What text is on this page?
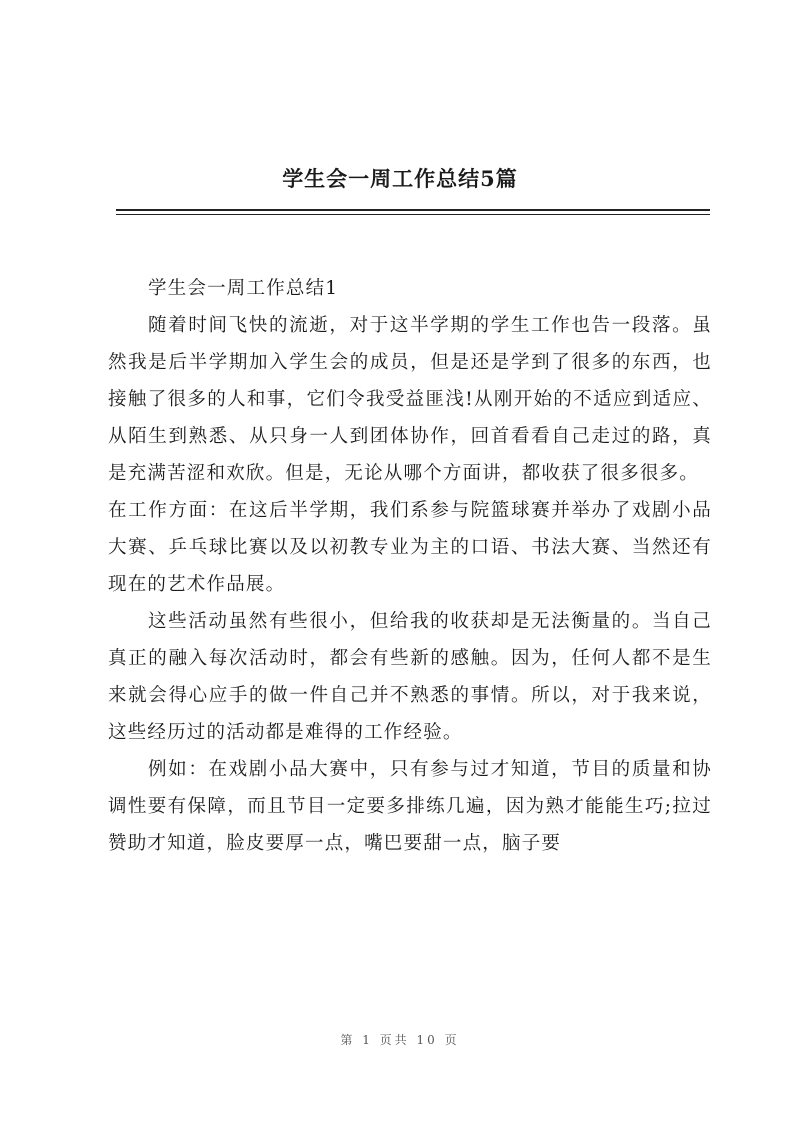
学生会一周工作总结5篇

学生会一周工作总结1

随着时间飞快的流逝，对于这半学期的学生工作也告一段落。虽然我是后半学期加入学生会的成员，但是还是学到了很多的东西，也接触了很多的人和事，它们令我受益匪浅!从刚开始的不适应到适应、从陌生到熟悉、从只身一人到团体协作，回首看看自己走过的路，真是充满苦涩和欢欣。但是，无论从哪个方面讲，都收获了很多很多。

在工作方面：在这后半学期，我们系参与院篮球赛并举办了戏剧小品大赛、乒乓球比赛以及以初教专业为主的口语、书法大赛、当然还有现在的艺术作品展。

这些活动虽然有些很小，但给我的收获却是无法衡量的。当自己真正的融入每次活动时，都会有些新的感触。因为，任何人都不是生来就会得心应手的做一件自己并不熟悉的事情。所以，对于我来说，这些经历过的活动都是难得的工作经验。

例如：在戏剧小品大赛中，只有参与过才知道，节目的质量和协调性要有保障，而且节目一定要多排练几遍，因为熟才能能生巧;拉过赞助才知道，脸皮要厚一点，嘴巴要甜一点，脑子要

第 1 页共 10 页
